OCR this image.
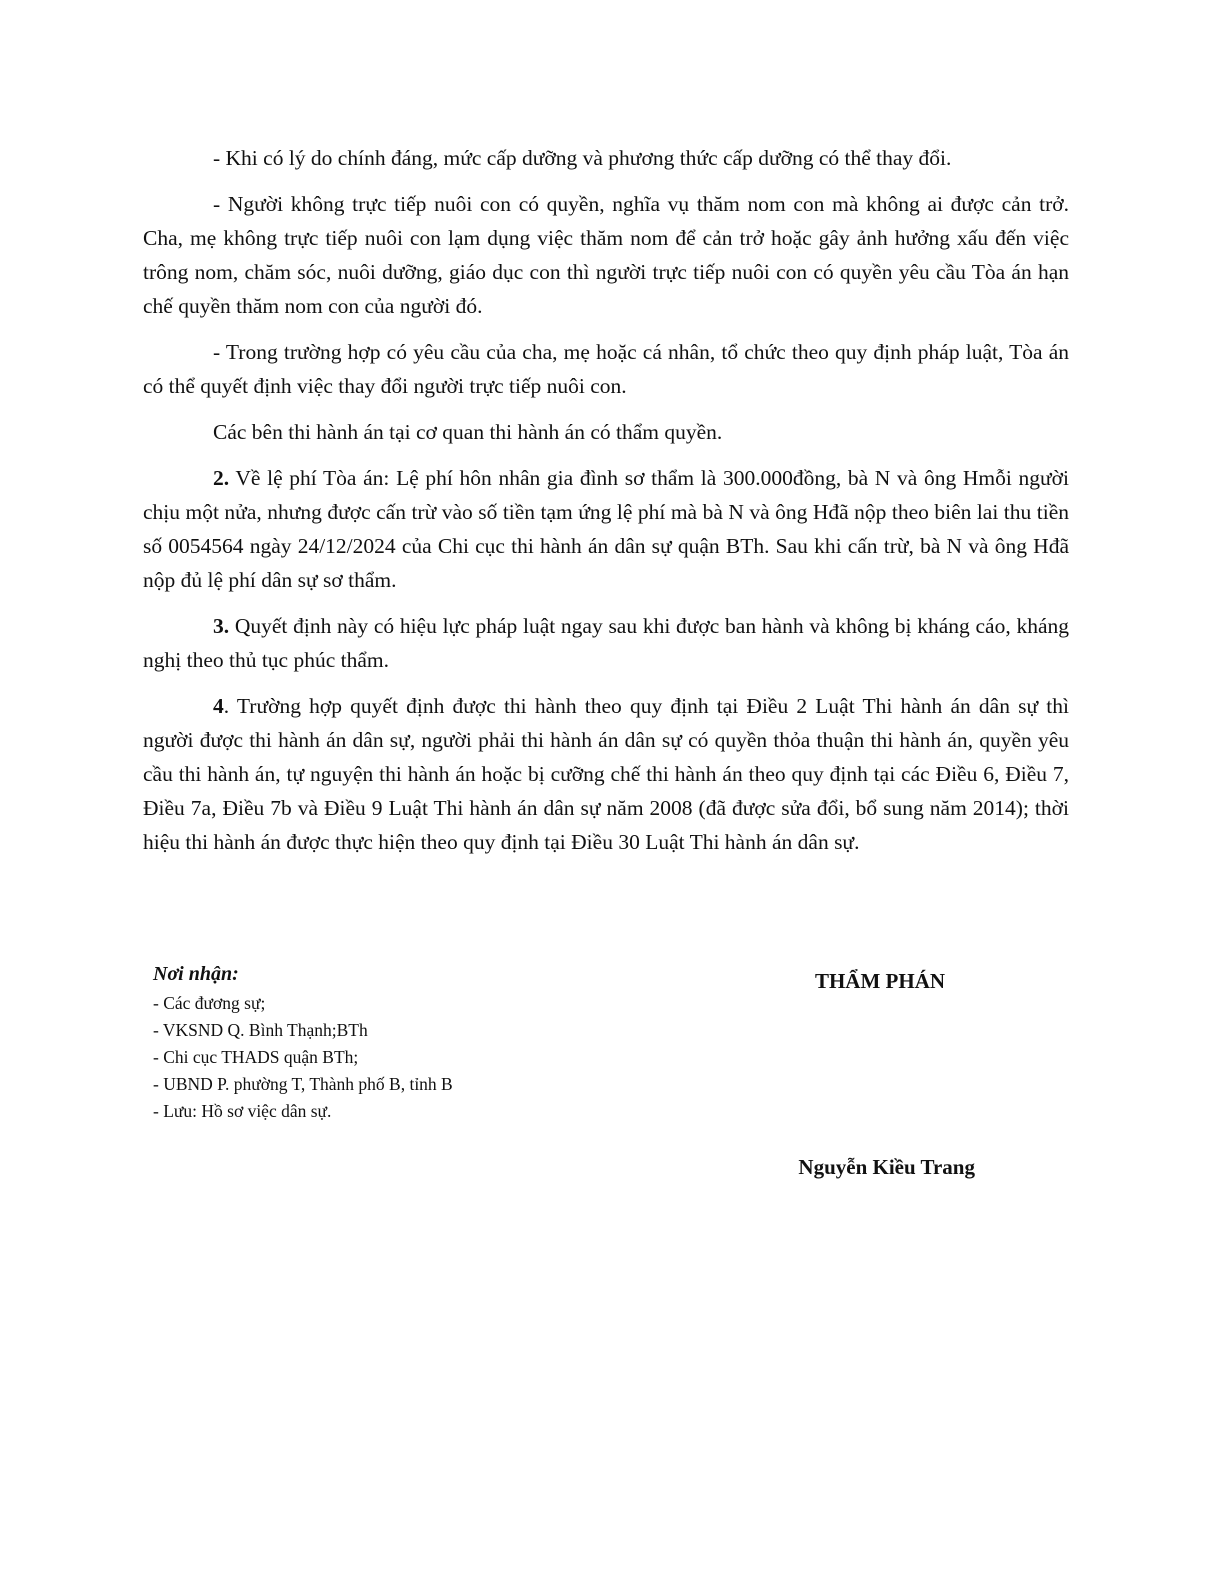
- Khi có lý do chính đáng, mức cấp dưỡng và phương thức cấp dưỡng có thể thay đổi.

- Người không trực tiếp nuôi con có quyền, nghĩa vụ thăm nom con mà không ai được cản trở. Cha, mẹ không trực tiếp nuôi con lạm dụng việc thăm nom để cản trở hoặc gây ảnh hưởng xấu đến việc trông nom, chăm sóc, nuôi dưỡng, giáo dục con thì người trực tiếp nuôi con có quyền yêu cầu Tòa án hạn chế quyền thăm nom con của người đó.

- Trong trường hợp có yêu cầu của cha, mẹ hoặc cá nhân, tổ chức theo quy định pháp luật, Tòa án có thể quyết định việc thay đổi người trực tiếp nuôi con.

Các bên thi hành án tại cơ quan thi hành án có thẩm quyền.

2. Về lệ phí Tòa án: Lệ phí hôn nhân gia đình sơ thẩm là 300.000đồng, bà N và ông Hmỗi người chịu một nửa, nhưng được cấn trừ vào số tiền tạm ứng lệ phí mà bà N và ông Hđã nộp theo biên lai thu tiền số 0054564 ngày 24/12/2024 của Chi cục thi hành án dân sự quận BTh. Sau khi cấn trừ, bà N và ông Hđã nộp đủ lệ phí dân sự sơ thẩm.

3. Quyết định này có hiệu lực pháp luật ngay sau khi được ban hành và không bị kháng cáo, kháng nghị theo thủ tục phúc thẩm.

4. Trường hợp quyết định được thi hành theo quy định tại Điều 2 Luật Thi hành án dân sự thì người được thi hành án dân sự, người phải thi hành án dân sự có quyền thỏa thuận thi hành án, quyền yêu cầu thi hành án, tự nguyện thi hành án hoặc bị cưỡng chế thi hành án theo quy định tại các Điều 6, Điều 7, Điều 7a, Điều 7b và Điều 9 Luật Thi hành án dân sự năm 2008 (đã được sửa đổi, bổ sung năm 2014); thời hiệu thi hành án được thực hiện theo quy định tại Điều 30 Luật Thi hành án dân sự.

Nơi nhận:
- Các đương sự;
- VKSND Q. Bình Thạnh;BTh
- Chi cục THADS quận BTh;
- UBND P. phường T, Thành phố B, tỉnh B
- Lưu: Hồ sơ việc dân sự.
THẨM PHÁN
Nguyễn Kiều Trang
